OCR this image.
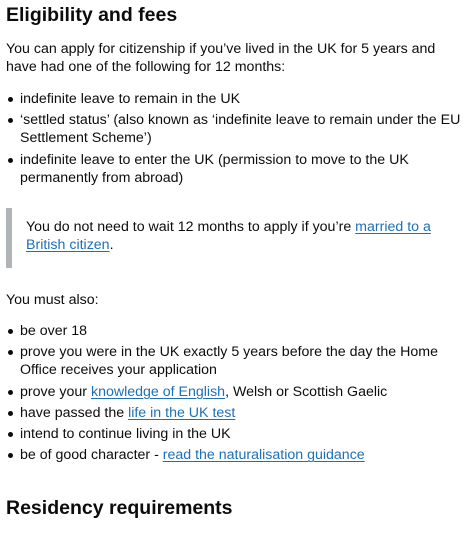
Eligibility and fees

You can apply for citizenship if you’ve lived in the UK for 5 years and have had one of the following for 12 months:

indefinite leave to remain in the UK
‘settled status’ (also known as ‘indefinite leave to remain under the EU Settlement Scheme’)
indefinite leave to enter the UK (permission to move to the UK permanently from abroad)

You do not need to wait 12 months to apply if you’re married to a British citizen.

You must also:

be over 18
prove you were in the UK exactly 5 years before the day the Home Office receives your application
prove your knowledge of English, Welsh or Scottish Gaelic
have passed the life in the UK test
intend to continue living in the UK
be of good character - read the naturalisation guidance
Residency requirements
